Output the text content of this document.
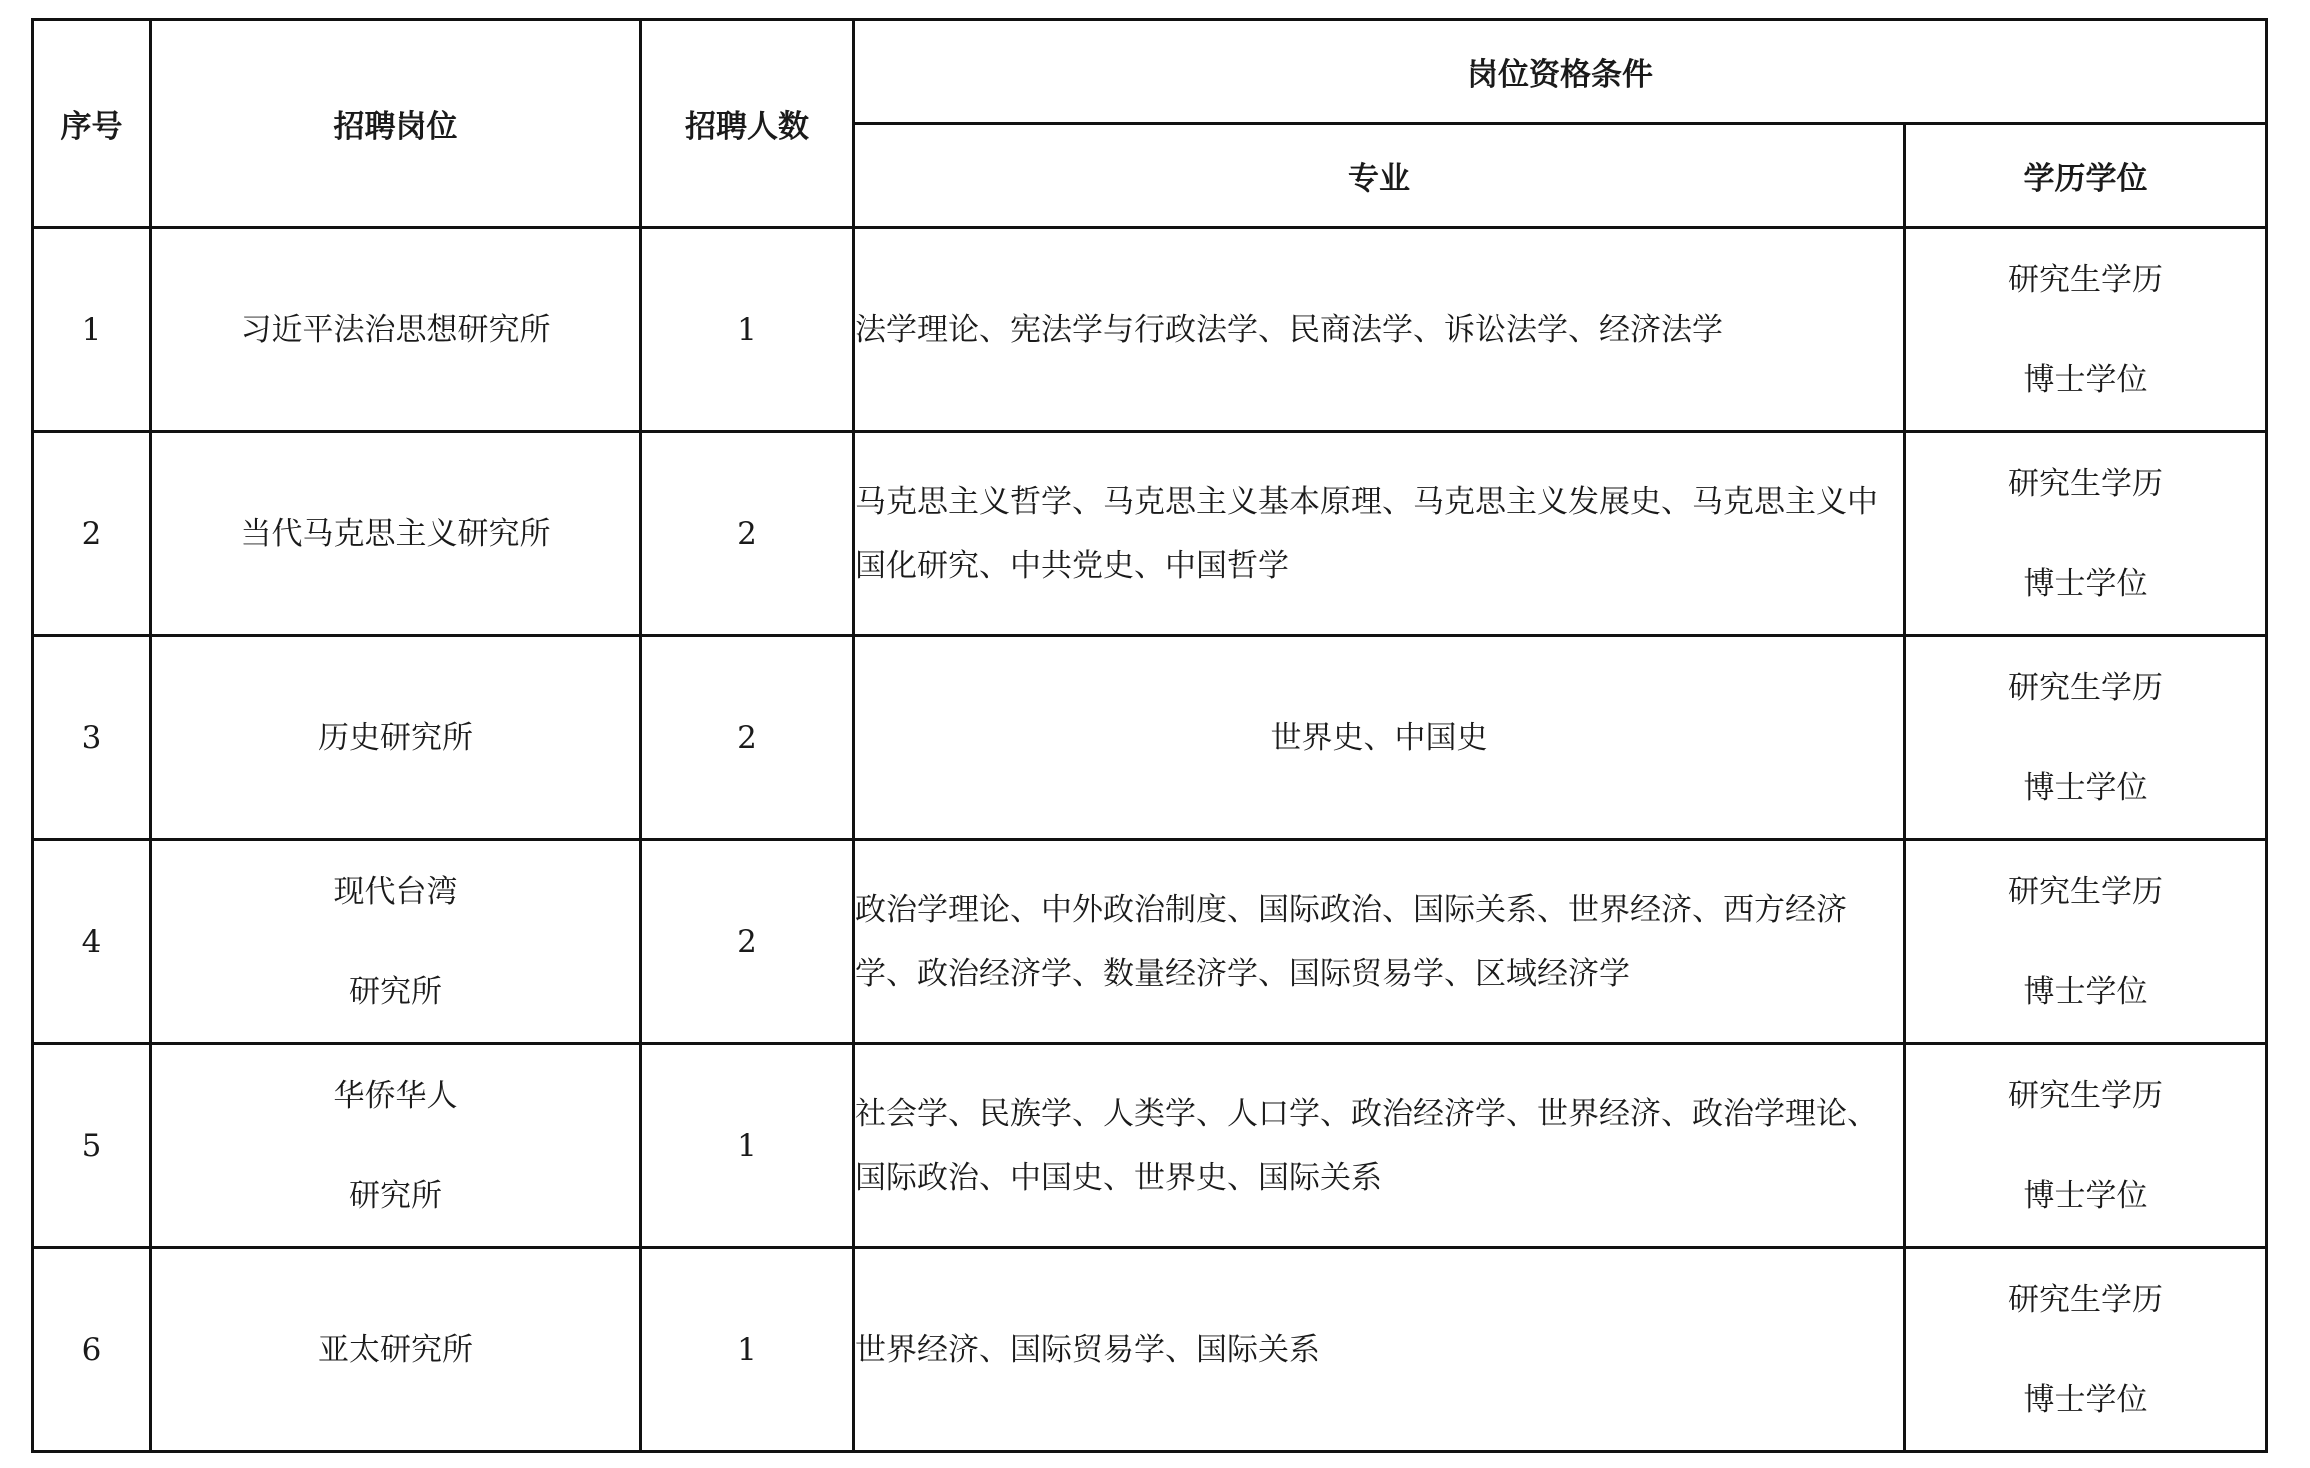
序号	招聘岗位	招聘人数	岗位资格条件	
			专业	学历学位
1	习近平法治思想研究所	1	法学理论、宪法学与行政法学、民商法学、诉讼法学、经济法学	研究生学历
博士学位

2	当代马克思主义研究所	2	马克思主义哲学、马克思主义基本原理、马克思主义发展史、马克思主义中国化研究、中共党史、中国哲学	研究生学历
博士学位

3	历史研究所	2	世界史、中国史	研究生学历
博士学位

4	现代台湾
研究所	2	政治学理论、中外政治制度、国际政治、国际关系、世界经济、西方经济学、政治经济学、数量经济学、国际贸易学、区域经济学	研究生学历
博士学位

5	华侨华人
研究所	1	社会学、民族学、人类学、人口学、政治经济学、世界经济、政治学理论、国际政治、中国史、世界史、国际关系	研究生学历
博士学位

6	亚太研究所	1	世界经济、国际贸易学、国际关系	研究生学历
博士学位
